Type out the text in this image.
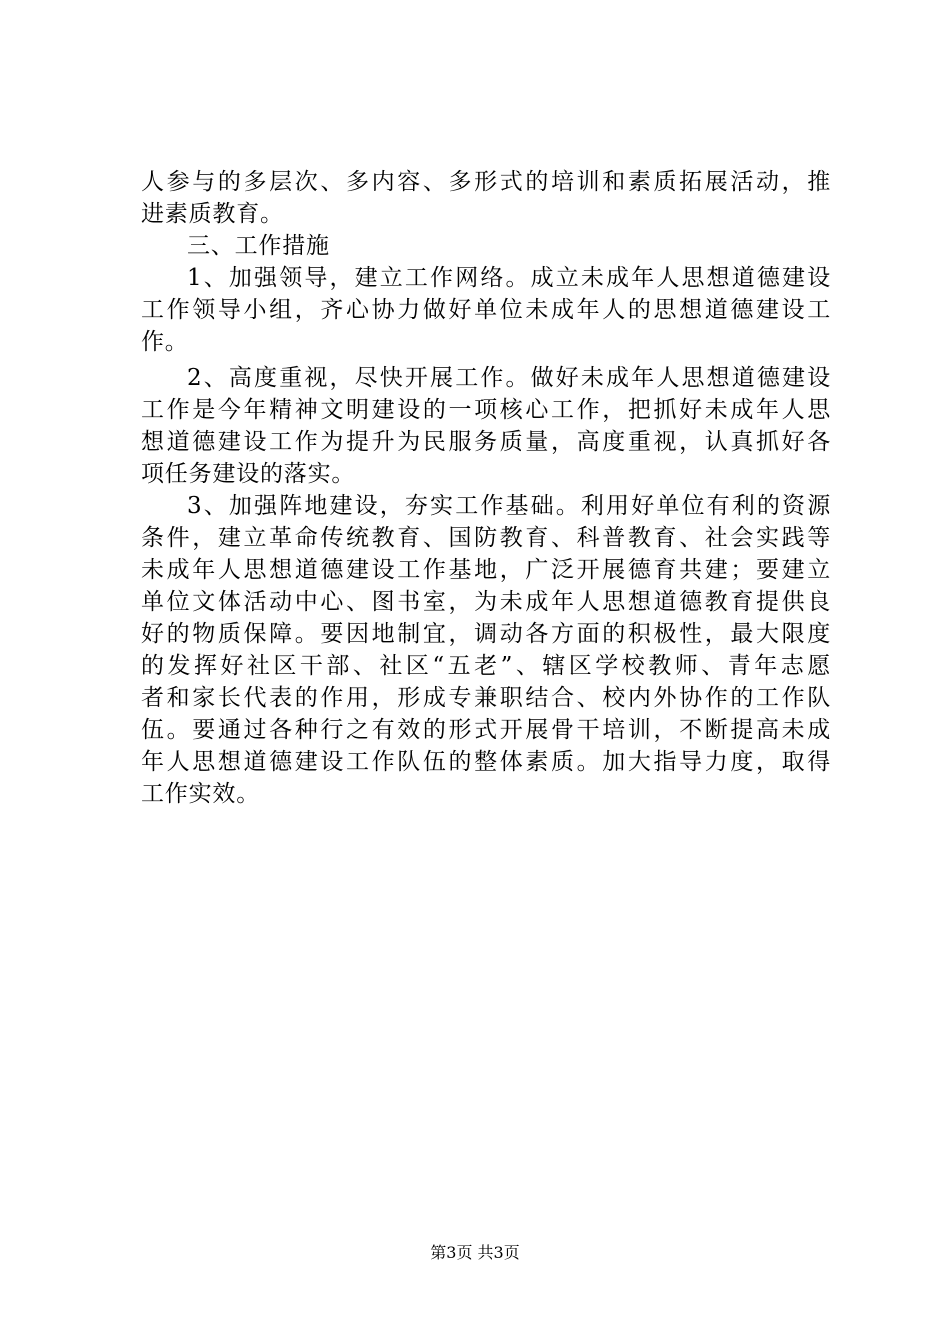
人参与的多层次、多内容、多形式的培训和素质拓展活动，推
进素质教育。
三、工作措施
1、加强领导，建立工作网络。成立未成年人思想道德建设
工作领导小组，齐心协力做好单位未成年人的思想道德建设工
作。
2、高度重视，尽快开展工作。做好未成年人思想道德建设
工作是今年精神文明建设的一项核心工作，把抓好未成年人思
想道德建设工作为提升为民服务质量，高度重视，认真抓好各
项任务建设的落实。
3、加强阵地建设，夯实工作基础。利用好单位有利的资源
条件，建立革命传统教育、国防教育、科普教育、社会实践等
未成年人思想道德建设工作基地，广泛开展德育共建；要建立
单位文体活动中心、图书室，为未成年人思想道德教育提供良
好的物质保障。要因地制宜，调动各方面的积极性，最大限度
的发挥好社区干部、社区“五老”、辖区学校教师、青年志愿
者和家长代表的作用，形成专兼职结合、校内外协作的工作队
伍。要通过各种行之有效的形式开展骨干培训，不断提高未成
年人思想道德建设工作队伍的整体素质。加大指导力度，取得
工作实效。
第3页 共3页
